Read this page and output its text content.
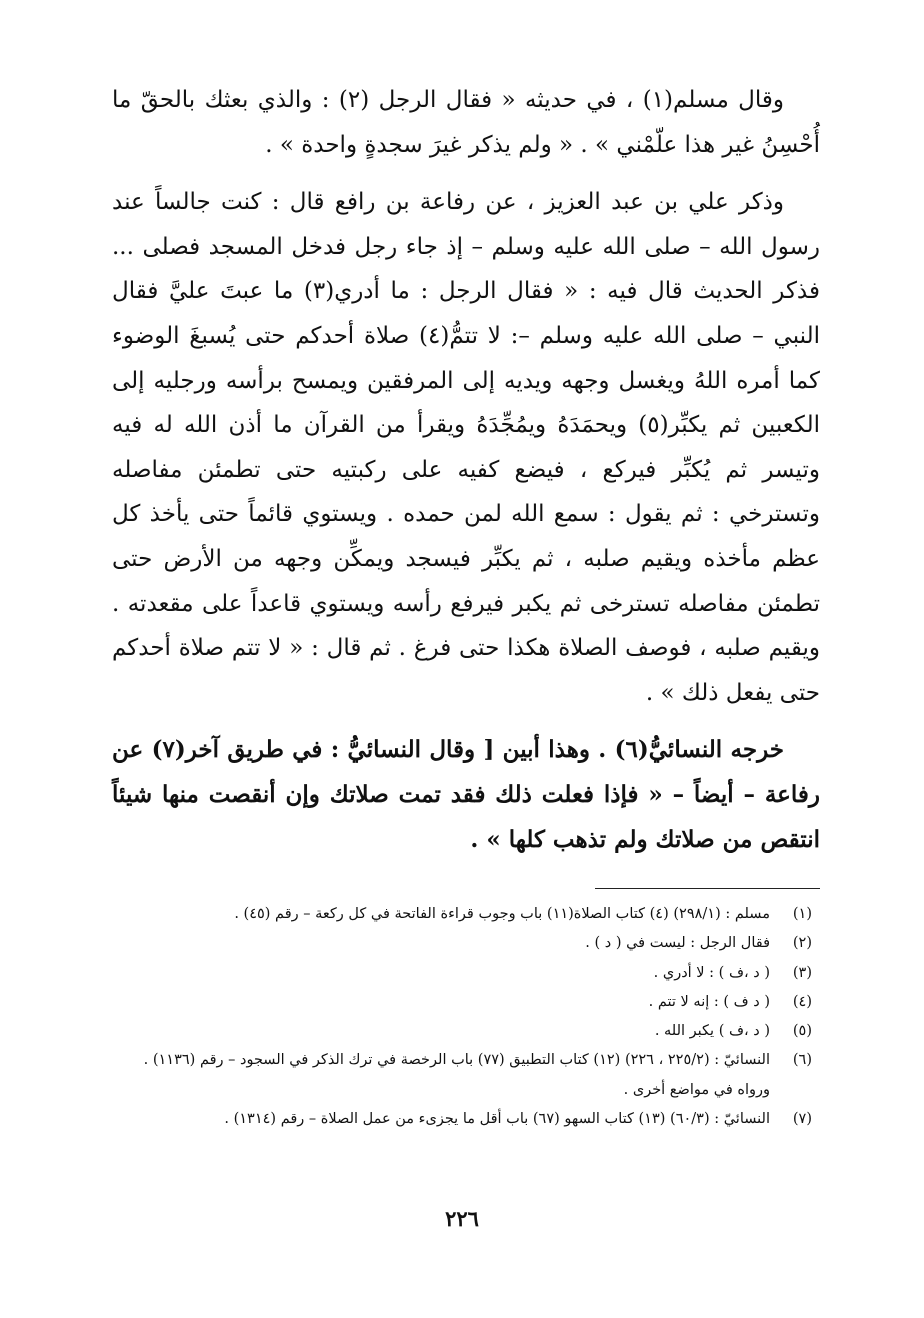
وقال مسلم(١) ، في حديثه « فقال الرجل (٢) : والذي بعثك بالحقّ ما أُحْسِنُ غير هذا علّمْني » . « ولم يذكر غيرَ سجدةٍ واحدة » .

وذكر علي بن عبد العزيز ، عن رفاعة بن رافع قال : كنت جالساً عند رسول الله – صلى الله عليه وسلم – إذ جاء رجل فدخل المسجد فصلى ... فذكر الحديث قال فيه : « فقال الرجل : ما أدري(٣) ما عبتَ عليَّ فقال النبي – صلى الله عليه وسلم –: لا تتمُّ(٤) صلاة أحدكم حتى يُسبغَ الوضوء كما أمره اللهُ ويغسل وجهه ويديه إلى المرفقين ويمسح برأسه ورجليه إلى الكعبين ثم يكبِّر(٥) ويحمَدَهُ ويمُجِّدَهُ ويقرأ من القرآن ما أذن الله له فيه وتيسر ثم يُكبِّر فيركع ، فيضع كفيه على ركبتيه حتى تطمئن مفاصله وتسترخي : ثم يقول : سمع الله لمن حمده . ويستوي قائماً حتى يأخذ كل عظم مأخذه ويقيم صلبه ، ثم يكبِّر فيسجد ويمكِّن وجهه من الأرض حتى تطمئن مفاصله تسترخى ثم يكبر فيرفع رأسه ويستوي قاعداً على مقعدته . ويقيم صلبه ، فوصف الصلاة هكذا حتى فرغ . ثم قال : « لا تتم صلاة أحدكم حتى يفعل ذلك » .

خرجه النسائيُّ(٦) . وهذا أبين [ وقال النسائيُّ : في طريق آخر(٧) عن رفاعة – أيضاً – « فإذا فعلت ذلك فقد تمت صلاتك وإن أنقصت منها شيئاً انتقص من صلاتك ولم تذهب كلها » .

(١)
مسلم : (٢٩٨/١) (٤) كتاب الصلاة(١١) باب وجوب قراءة الفاتحة في كل ركعة – رقم (٤٥) .
(٢)
فقال الرجل : ليست في ( د ) .
(٣)
( د ،ف ) : لا أدري .
(٤)
( د ف ) : إنه لا تتم .
(٥)
( د ،ف ) يكبر الله .
(٦)
النسائيّ : (٢٢٥/٢ ، ٢٢٦) (١٢) كتاب التطبيق (٧٧) باب الرخصة في ترك الذكر في السجود – رقم (١١٣٦) . ورواه في مواضع أخرى .
(٧)
النسائيّ : (٦٠/٣) (١٣) كتاب السهو (٦٧) باب أقل ما يجزىء من عمل الصلاة – رقم (١٣١٤) .
٢٢٦
